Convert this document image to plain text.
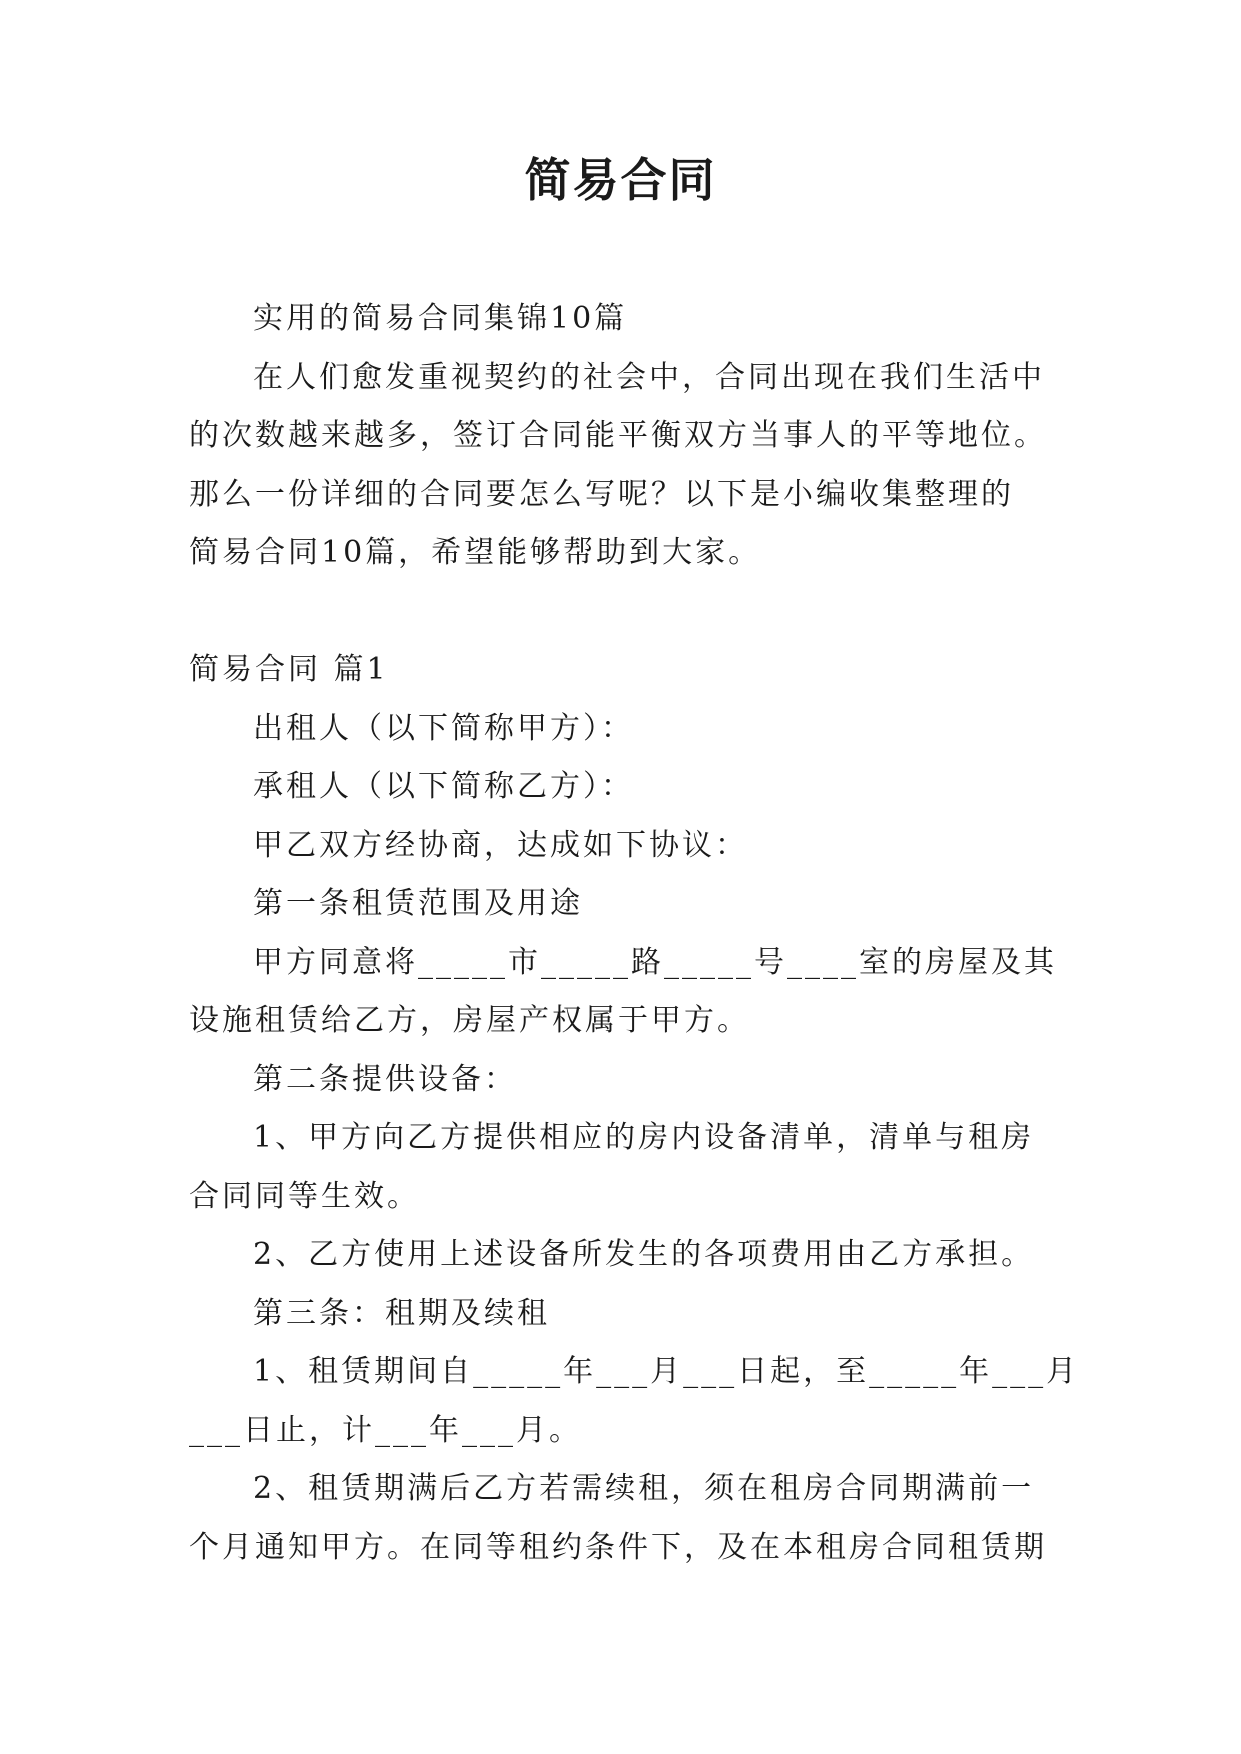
简易合同

实用的简易合同集锦10篇

在人们愈发重视契约的社会中，合同出现在我们生活中

的次数越来越多，签订合同能平衡双方当事人的平等地位。

那么一份详细的合同要怎么写呢？以下是小编收集整理的

简易合同10篇，希望能够帮助到大家。

简易合同 篇1

出租人（以下简称甲方）：

承租人（以下简称乙方）：

甲乙双方经协商，达成如下协议：

第一条租赁范围及用途

甲方同意将_____市_____路_____号____室的房屋及其

设施租赁给乙方，房屋产权属于甲方。

第二条提供设备：

1、甲方向乙方提供相应的房内设备清单，清单与租房

合同同等生效。

2、乙方使用上述设备所发生的各项费用由乙方承担。

第三条：租期及续租

1、租赁期间自_____年___月___日起，至_____年___月

___日止，计___年___月。

2、租赁期满后乙方若需续租，须在租房合同期满前一

个月通知甲方。在同等租约条件下，及在本租房合同租赁期
